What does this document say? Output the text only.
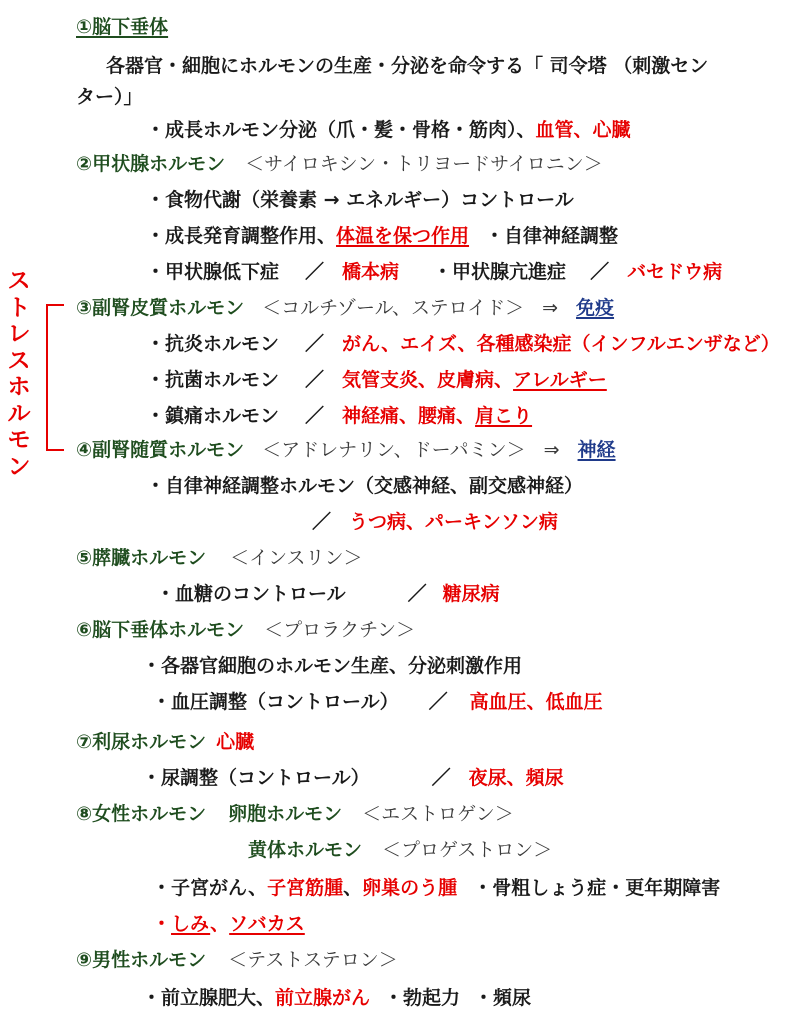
ス
ト
レ
ス
ホ
ル
モ
ン
①脳下垂体
各器官・細胞にホルモンの生産・分泌を命令する「 司令塔 （刺激セン
ター）」
・成長ホルモン分泌（爪・髪・骨格・筋肉）、血管、心臓
②甲状腺ホルモン ＜サイロキシン・トリヨードサイロニン＞
・食物代謝（栄養素 → エネルギー）コントロール
・成長発育調整作用、体温を保つ作用 ・自律神経調整
・甲状腺低下症 ／ 橋本病 ・甲状腺亢進症 ／ バセドウ病
③副腎皮質ホルモン ＜コルチゾール、ステロイド＞ ⇒ 免疫
・抗炎ホルモン ／ がん、エイズ、各種感染症（インフルエンザなど）
・抗菌ホルモン ／ 気管支炎、皮膚病、アレルギー
・鎮痛ホルモン ／ 神経痛、腰痛、肩こり
④副腎随質ホルモン ＜アドレナリン、ドーパミン＞ ⇒ 神経
・自律神経調整ホルモン（交感神経、副交感神経）
／ うつ病、パーキンソン病
⑤膵臓ホルモン ＜インスリン＞
・血糖のコントロール	／ 糖尿病
⑥脳下垂体ホルモン ＜プロラクチン＞
・各器官細胞のホルモン生産、分泌刺激作用
・血圧調整（コントロール） ／ 高血圧、低血圧
⑦利尿ホルモン 心臓
・尿調整（コントロール）	／ 夜尿、頻尿
⑧女性ホルモン 卵胞ホルモン ＜エストロゲン＞
黄体ホルモン ＜プロゲストロン＞
・子宮がん、子宮筋腫、卵巣のう腫 ・骨粗しょう症・更年期障害
・しみ、ソバカス
⑨男性ホルモン ＜テストステロン＞
・前立腺肥大、前立腺がん ・勃起力 ・頻尿
